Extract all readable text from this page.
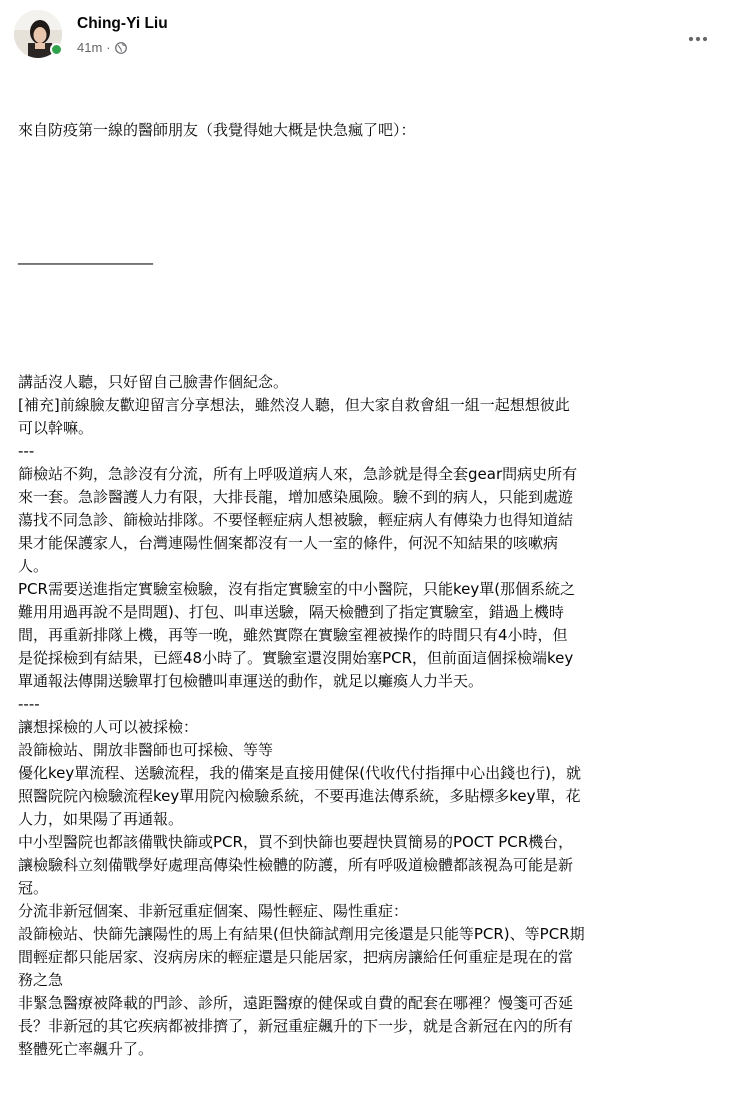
Ching-Yi Liu
41m ·

來自防疫第一線的醫師朋友（我覺得她大概是快急瘋了吧）：

__________________

講話沒人聽，只好留自己臉書作個紀念。
[補充]前線臉友歡迎留言分享想法，雖然沒人聽，但大家自救會組一組一起想想彼此
可以幹嘛。
---
篩檢站不夠，急診沒有分流，所有上呼吸道病人來，急診就是得全套gear問病史所有
來一套。急診醫護人力有限，大排長龍，增加感染風險。驗不到的病人，只能到處遊
蕩找不同急診、篩檢站排隊。不要怪輕症病人想被驗，輕症病人有傳染力也得知道結
果才能保護家人，台灣連陽性個案都沒有一人一室的條件，何況不知結果的咳嗽病
人。
PCR需要送進指定實驗室檢驗，沒有指定實驗室的中小醫院，只能key單(那個系統之
難用用過再說不是問題)、打包、叫車送驗，隔天檢體到了指定實驗室，錯過上機時
間，再重新排隊上機，再等一晚，雖然實際在實驗室裡被操作的時間只有4小時，但
是從採檢到有結果，已經48小時了。實驗室還沒開始塞PCR，但前面這個採檢端key
單通報法傳開送驗單打包檢體叫車運送的動作，就足以癱瘓人力半天。
----
讓想採檢的人可以被採檢：
設篩檢站、開放非醫師也可採檢、等等
優化key單流程、送驗流程，我的備案是直接用健保(代收代付指揮中心出錢也行)，就
照醫院院內檢驗流程key單用院內檢驗系統，不要再進法傳系統，多貼標多key單，花
人力，如果陽了再通報。
中小型醫院也都該備戰快篩或PCR，買不到快篩也要趕快買簡易的POCT PCR機台，
讓檢驗科立刻備戰學好處理高傳染性檢體的防護，所有呼吸道檢體都該視為可能是新
冠。
分流非新冠個案、非新冠重症個案、陽性輕症、陽性重症：
設篩檢站、快篩先讓陽性的馬上有結果(但快篩試劑用完後還是只能等PCR)、等PCR期
間輕症都只能居家、沒病房床的輕症還是只能居家，把病房讓給任何重症是現在的當
務之急
非緊急醫療被降載的門診、診所，遠距醫療的健保或自費的配套在哪裡？慢箋可否延
長？非新冠的其它疾病都被排擠了，新冠重症飆升的下一步，就是含新冠在內的所有
整體死亡率飆升了。
